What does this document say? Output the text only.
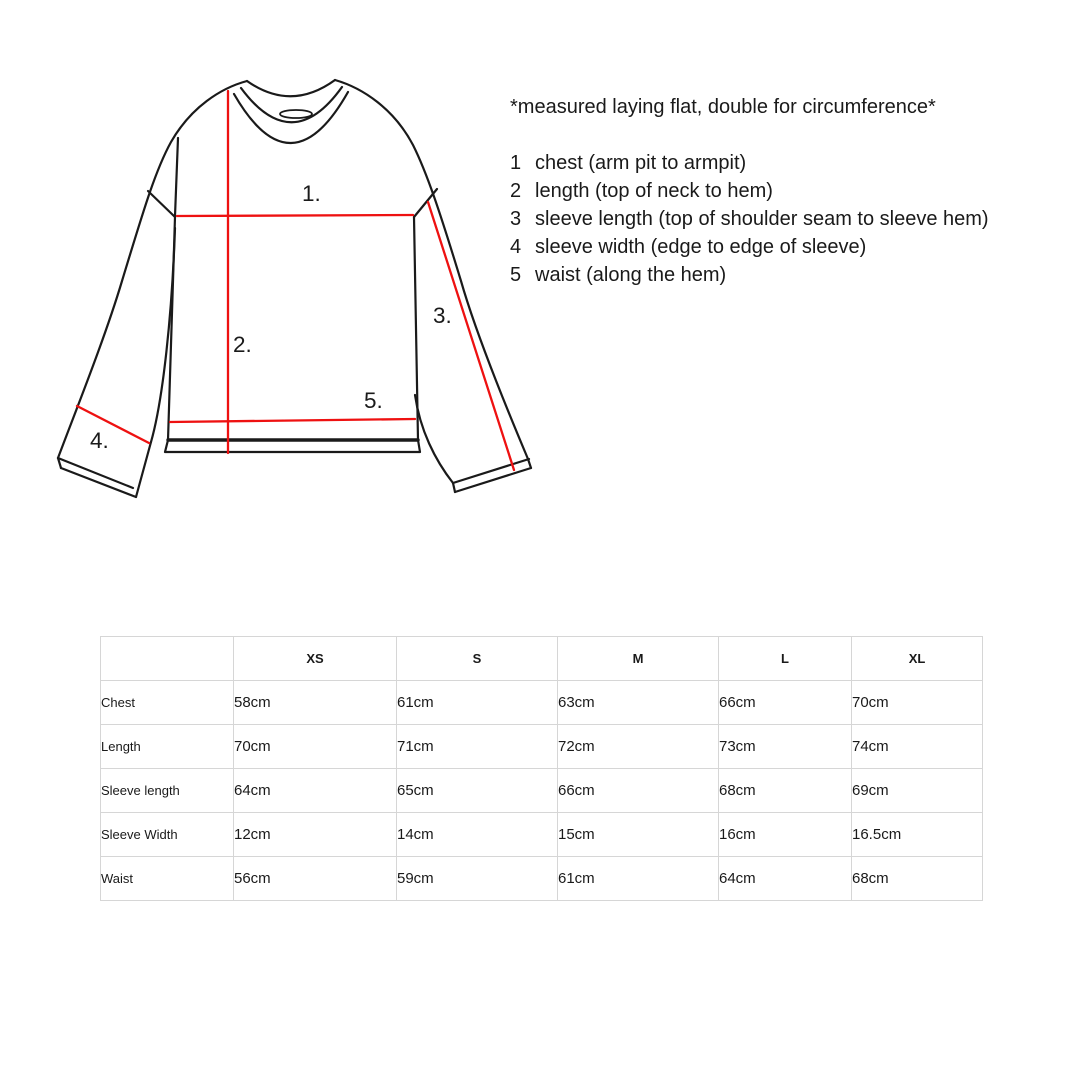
1.
2.
3.
4.
5.
*measured laying flat, double for circumference*
1 chest (arm pit to armpit)
2 length (top of neck to hem)
3 sleeve length (top of shoulder seam to sleeve hem)
4 sleeve width (edge to edge of sleeve)
5 waist (along the hem)
	XS	S	M	L	XL
Chest	58cm	61cm	63cm	66cm	70cm
Length	70cm	71cm	72cm	73cm	74cm
Sleeve length	64cm	65cm	66cm	68cm	69cm
Sleeve Width	12cm	14cm	15cm	16cm	16.5cm
Waist	56cm	59cm	61cm	64cm	68cm
